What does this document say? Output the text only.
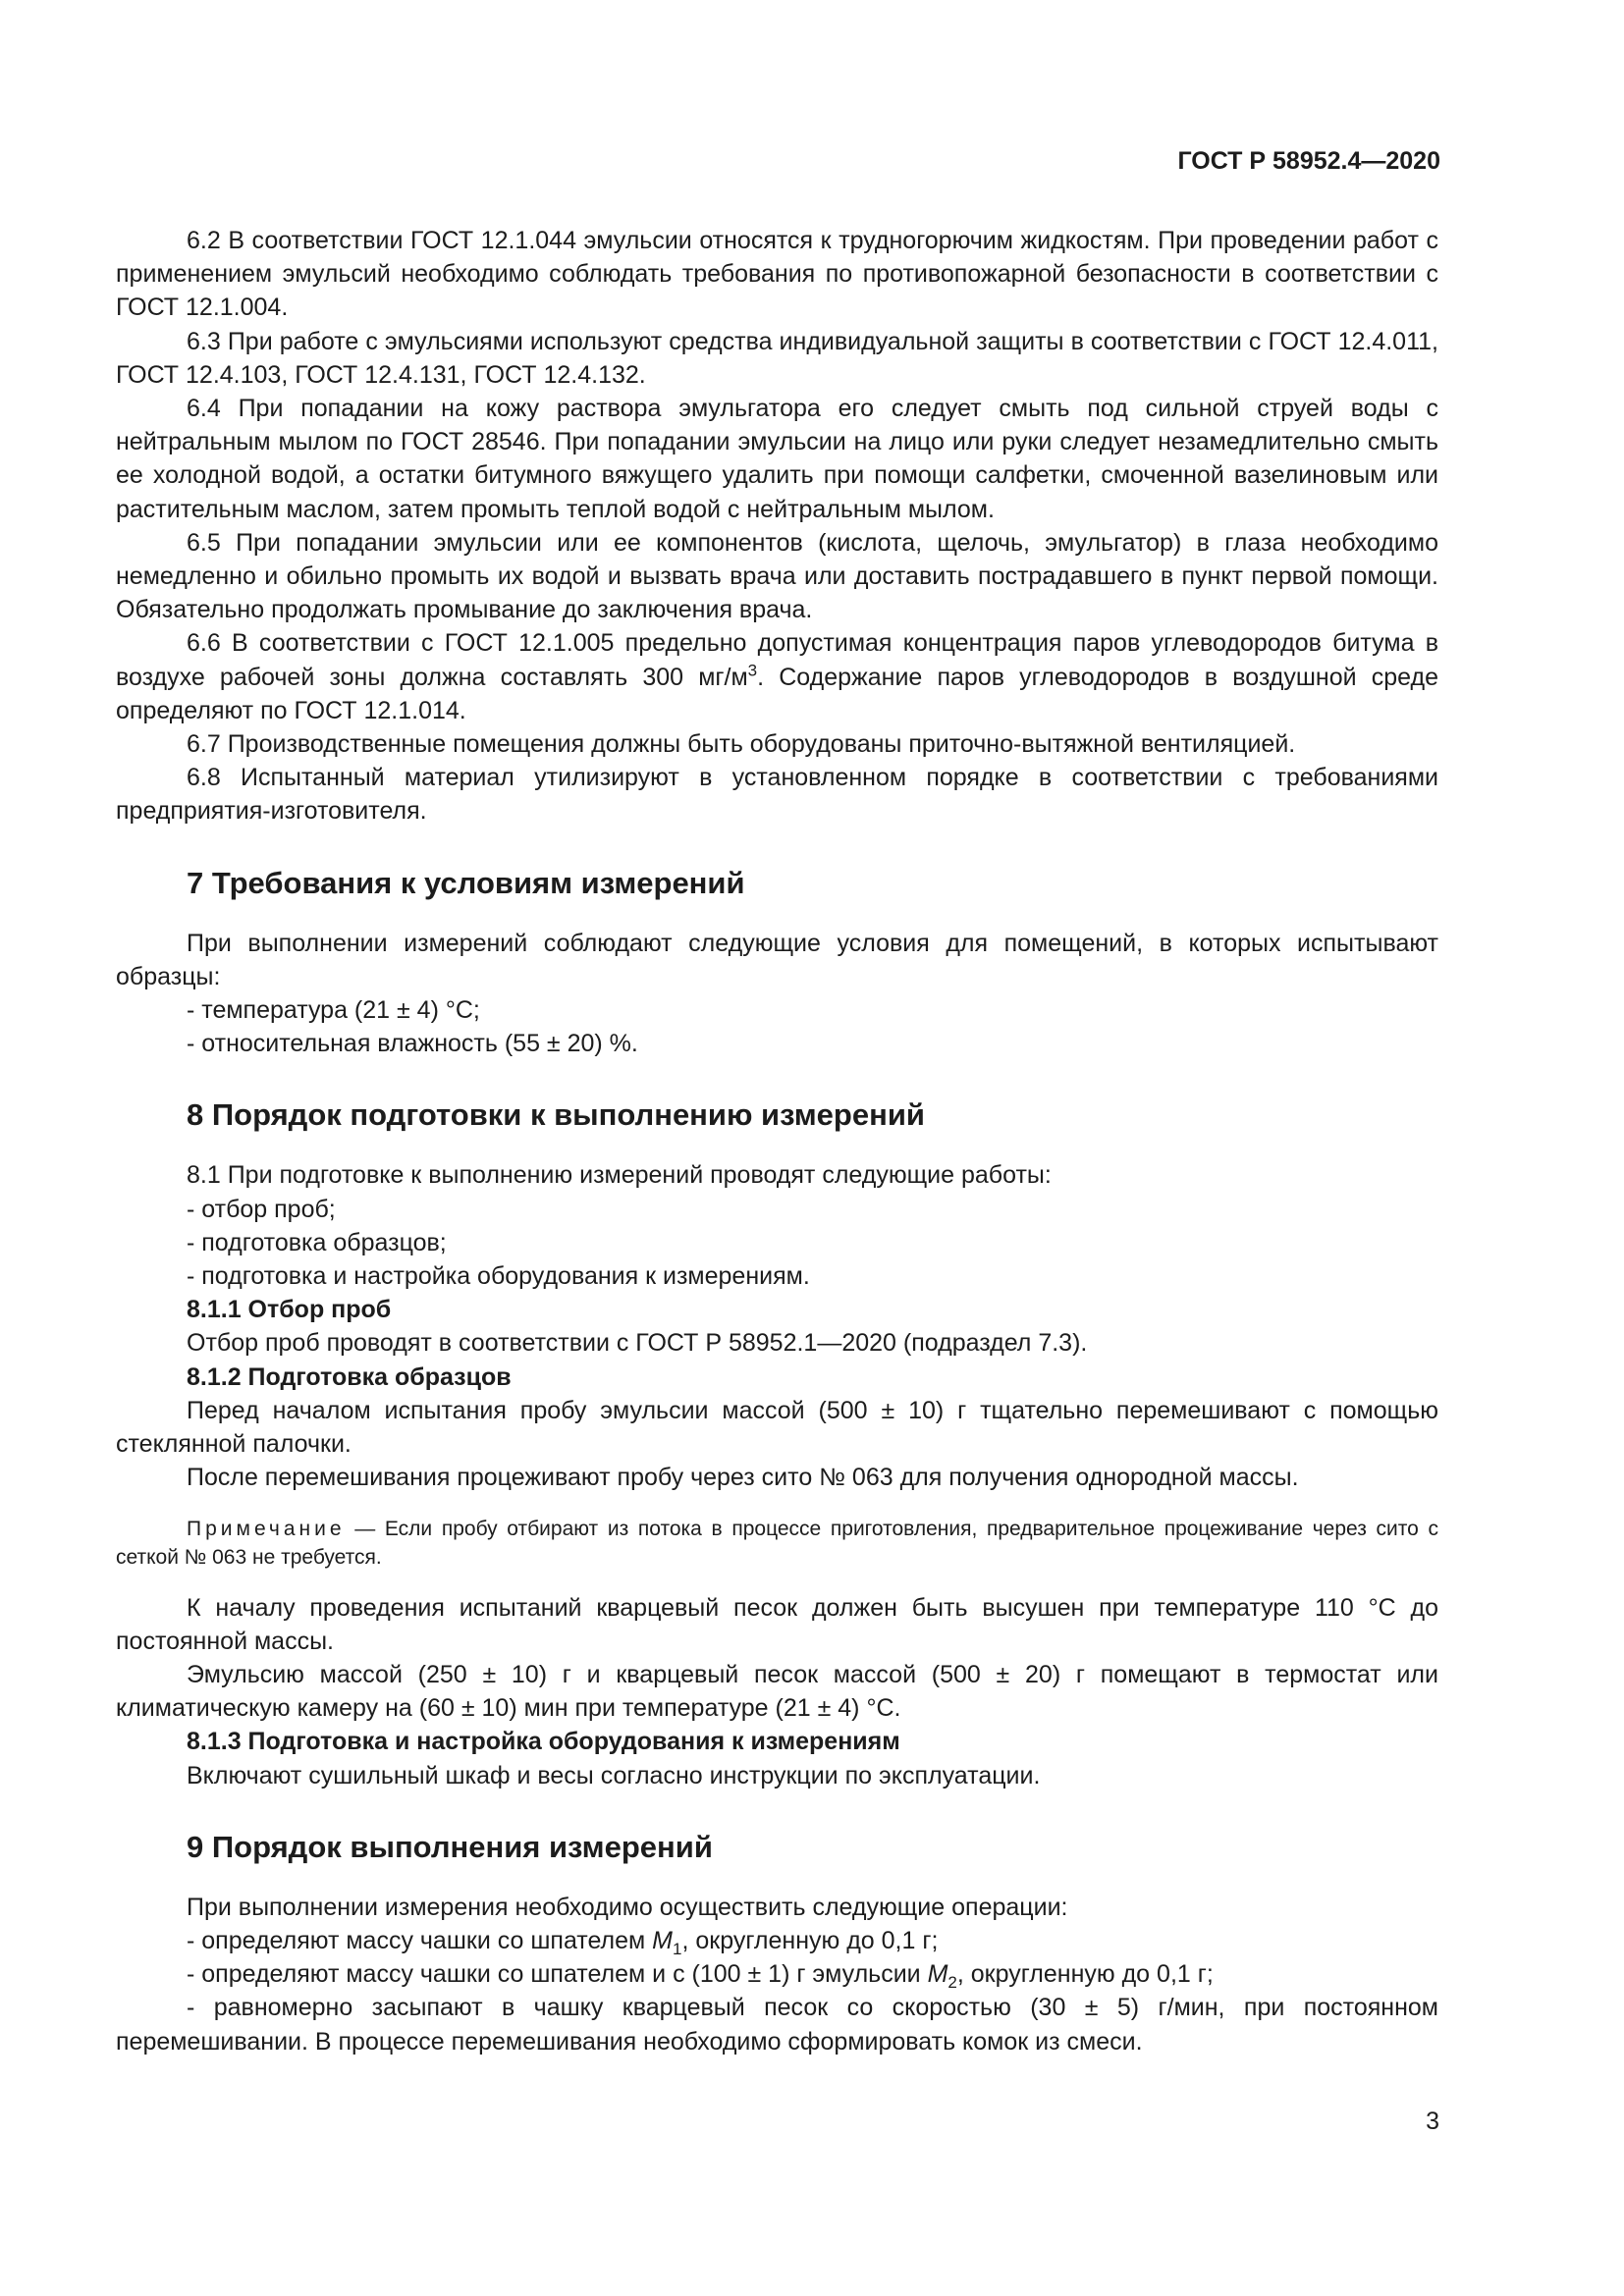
ГОСТ Р 58952.4—2020

6.2 В соответствии ГОСТ 12.1.044 эмульсии относятся к трудногорючим жидкостям. При проведении работ с применением эмульсий необходимо соблюдать требования по противопожарной безопасности в соответствии с ГОСТ 12.1.004.

6.3 При работе с эмульсиями используют средства индивидуальной защиты в соответствии с ГОСТ 12.4.011, ГОСТ 12.4.103, ГОСТ 12.4.131, ГОСТ 12.4.132.

6.4 При попадании на кожу раствора эмульгатора его следует смыть под сильной струей воды с нейтральным мылом по ГОСТ 28546. При попадании эмульсии на лицо или руки следует незамедлительно смыть ее холодной водой, а остатки битумного вяжущего удалить при помощи салфетки, смоченной вазелиновым или растительным маслом, затем промыть теплой водой с нейтральным мылом.

6.5 При попадании эмульсии или ее компонентов (кислота, щелочь, эмульгатор) в глаза необходимо немедленно и обильно промыть их водой и вызвать врача или доставить пострадавшего в пункт первой помощи. Обязательно продолжать промывание до заключения врача.

6.6 В соответствии с ГОСТ 12.1.005 предельно допустимая концентрация паров углеводородов битума в воздухе рабочей зоны должна составлять 300 $мг/м^3$. Содержание паров углеводородов в воздушной среде определяют по ГОСТ 12.1.014.

6.7 Производственные помещения должны быть оборудованы приточно-вытяжной вентиляцией.

6.8 Испытанный материал утилизируют в установленном порядке в соответствии с требованиями предприятия-изготовителя.

7 Требования к условиям измерений

При выполнении измерений соблюдают следующие условия для помещений, в которых испытывают образцы:

- температура (21 ± 4) °С;

- относительная влажность (55 ± 20) %.

8 Порядок подготовки к выполнению измерений

8.1 При подготовке к выполнению измерений проводят следующие работы:

- отбор проб;

- подготовка образцов;

- подготовка и настройка оборудования к измерениям.

8.1.1 Отбор проб

Отбор проб проводят в соответствии с ГОСТ Р 58952.1—2020 (подраздел 7.3).

8.1.2 Подготовка образцов

Перед началом испытания пробу эмульсии массой (500 ± 10) г тщательно перемешивают с помощью стеклянной палочки.

После перемешивания процеживают пробу через сито № 063 для получения однородной массы.

Примечание — Если пробу отбирают из потока в процессе приготовления, предварительное процеживание через сито с сеткой № 063 не требуется.

К началу проведения испытаний кварцевый песок должен быть высушен при температуре 110 °С до постоянной массы.

Эмульсию массой (250 ± 10) г и кварцевый песок массой (500 ± 20) г помещают в термостат или климатическую камеру на (60 ± 10) мин при температуре (21 ± 4) °С.

8.1.3 Подготовка и настройка оборудования к измерениям

Включают сушильный шкаф и весы согласно инструкции по эксплуатации.

9 Порядок выполнения измерений

При выполнении измерения необходимо осуществить следующие операции:

- определяют массу чашки со шпателем $M_1$, округленную до 0,1 г;

- определяют массу чашки со шпателем и с (100 ± 1) г эмульсии $M_2$, округленную до 0,1 г;

- равномерно засыпают в чашку кварцевый песок со скоростью (30 ± 5) г/мин, при постоянном перемешивании. В процессе перемешивания необходимо сформировать комок из смеси.

3
